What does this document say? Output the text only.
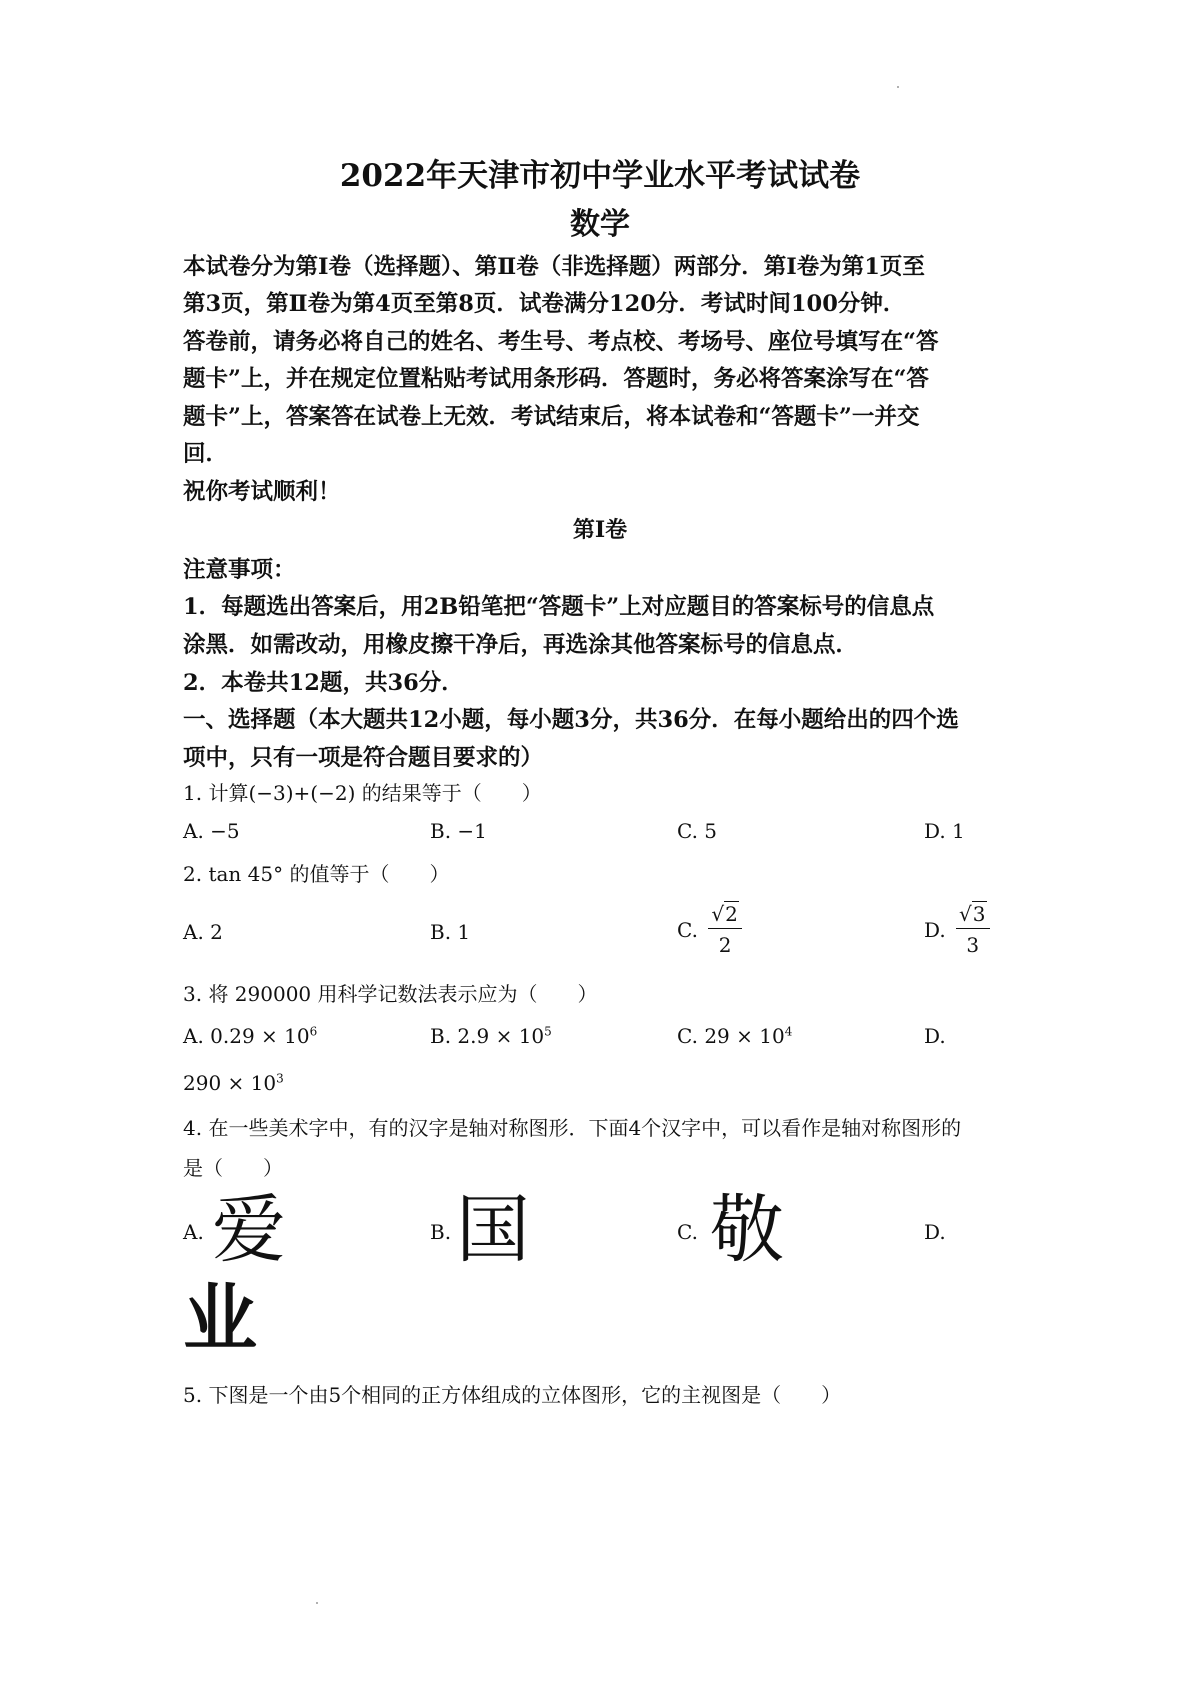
2022年天津市初中学业水平考试试卷
数学
本试卷分为第Ⅰ卷（选择题）、第Ⅱ卷（非选择题）两部分．第Ⅰ卷为第1页至
第3页，第Ⅱ卷为第4页至第8页．试卷满分120分．考试时间100分钟．
答卷前，请务必将自己的姓名、考生号、考点校、考场号、座位号填写在“答
题卡”上，并在规定位置粘贴考试用条形码．答题时，务必将答案涂写在“答
题卡”上，答案答在试卷上无效．考试结束后，将本试卷和“答题卡”一并交
回．
祝你考试顺利！
第Ⅰ卷
注意事项：
1．每题选出答案后，用2B铅笔把“答题卡”上对应题目的答案标号的信息点
涂黑．如需改动，用橡皮擦干净后，再选涂其他答案标号的信息点．
2．本卷共12题，共36分．
一、选择题（本大题共12小题，每小题3分，共36分．在每小题给出的四个选
项中，只有一项是符合题目要求的）
1. 计算(−3)+(−2) 的结果等于（　　）
A. −5	B. −1	C. 5	D. 1
2. tan 45° 的值等于（　　）
A. 2	B. 1	C. $\frac{√2}{2}$	D. $\frac{√3}{3}$
3. 将 290000 用科学记数法表示应为（　　）
A. $0.29 \times 10^6$	B. $2.9 \times 10^5$	C. $29 \times 10^4$	D.
$290 \times 10^3$
4. 在一些美术字中，有的汉字是轴对称图形．下面4个汉字中，可以看作是轴对称图形的
是（　　）
A. 爱	B. 国	C. 敬	D.
业
5. 下图是一个由5个相同的正方体组成的立体图形，它的主视图是（　　）
